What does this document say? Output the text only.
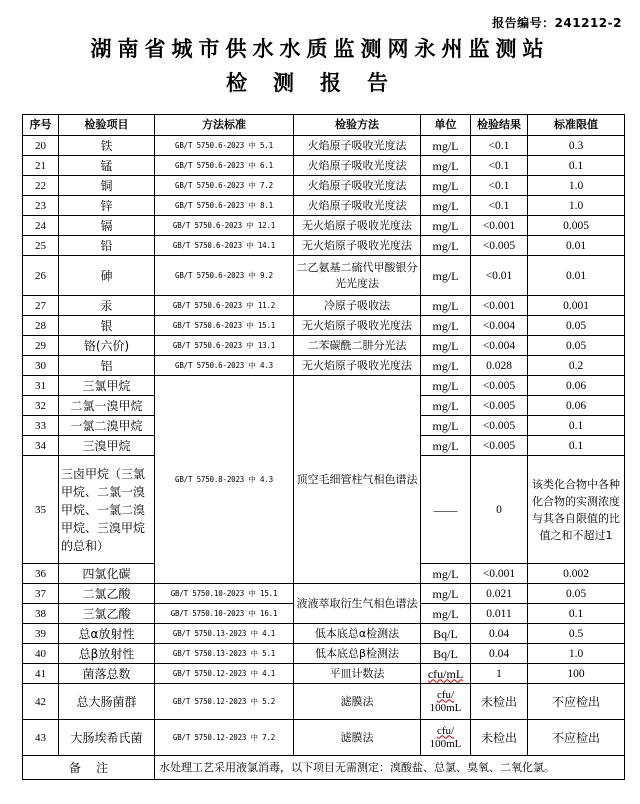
报告编号：241212-2
湖南省城市供水水质监测网永州监测站
检测报告
序号	检验项目	方法标准	检验方法	单位	检验结果	标准限值
20	铁	GB/T 5750.6-2023 中 5.1	火焰原子吸收光度法	mg/L	<0.1	0.3
21	锰	GB/T 5750.6-2023 中 6.1	火焰原子吸收光度法	mg/L	<0.1	0.1
22	铜	GB/T 5750.6-2023 中 7.2	火焰原子吸收光度法	mg/L	<0.1	1.0
23	锌	GB/T 5750.6-2023 中 8.1	火焰原子吸收光度法	mg/L	<0.1	1.0
24	镉	GB/T 5750.6-2023 中 12.1	无火焰原子吸收光度法	mg/L	<0.001	0.005
25	铅	GB/T 5750.6-2023 中 14.1	无火焰原子吸收光度法	mg/L	<0.005	0.01
26	砷	GB/T 5750.6-2023 中 9.2	二乙氨基二硫代甲酸银分光光度法	mg/L	<0.01	0.01
27	汞	GB/T 5750.6-2023 中 11.2	冷原子吸收法	mg/L	<0.001	0.001
28	银	GB/T 5750.6-2023 中 15.1	无火焰原子吸收光度法	mg/L	<0.004	0.05
29	铬(六价)	GB/T 5750.6-2023 中 13.1	二苯碳酰二肼分光法	mg/L	<0.004	0.05
30	铝	GB/T 5750.6-2023 中 4.3	无火焰原子吸收光度法	mg/L	0.028	0.2
31	三氯甲烷	GB/T 5750.8-2023 中 4.3	顶空毛细管柱气相色谱法	mg/L	<0.005	0.06
32	二氯一溴甲烷			mg/L	<0.005	0.06
33	一氯二溴甲烷			mg/L	<0.005	0.1
34	三溴甲烷			mg/L	<0.005	0.1
35	三卤甲烷（三氯甲烷、二氯一溴甲烷、一氯二溴甲烷、三溴甲烷的总和）			——	0	该类化合物中各种化合物的实测浓度与其各自限值的比值之和不超过1
36	四氯化碳			mg/L	<0.001	0.002
37	二氯乙酸	GB/T 5750.10-2023 中 15.1	液液萃取衍生气相色谱法	mg/L	0.021	0.05
38	三氯乙酸	GB/T 5750.10-2023 中 16.1		mg/L	0.011	0.1
39	总α放射性	GB/T 5750.13-2023 中 4.1	低本底总α检测法	Bq/L	0.04	0.5
40	总β放射性	GB/T 5750.13-2023 中 5.1	低本底总β检测法	Bq/L	0.04	1.0
41	菌落总数	GB/T 5750.12-2023 中 4.1	平皿计数法	cfu/mL	1	100
42	总大肠菌群	GB/T 5750.12-2023 中 5.2	滤膜法	cfu/
100mL	未检出	不应检出
43	大肠埃希氏菌	GB/T 5750.12-2023 中 7.2	滤膜法	cfu/
100mL	未检出	不应检出
备    注		水处理工艺采用液氯消毒，以下项目无需测定：溴酸盐、总氯、臭氧、二氧化氯。				
